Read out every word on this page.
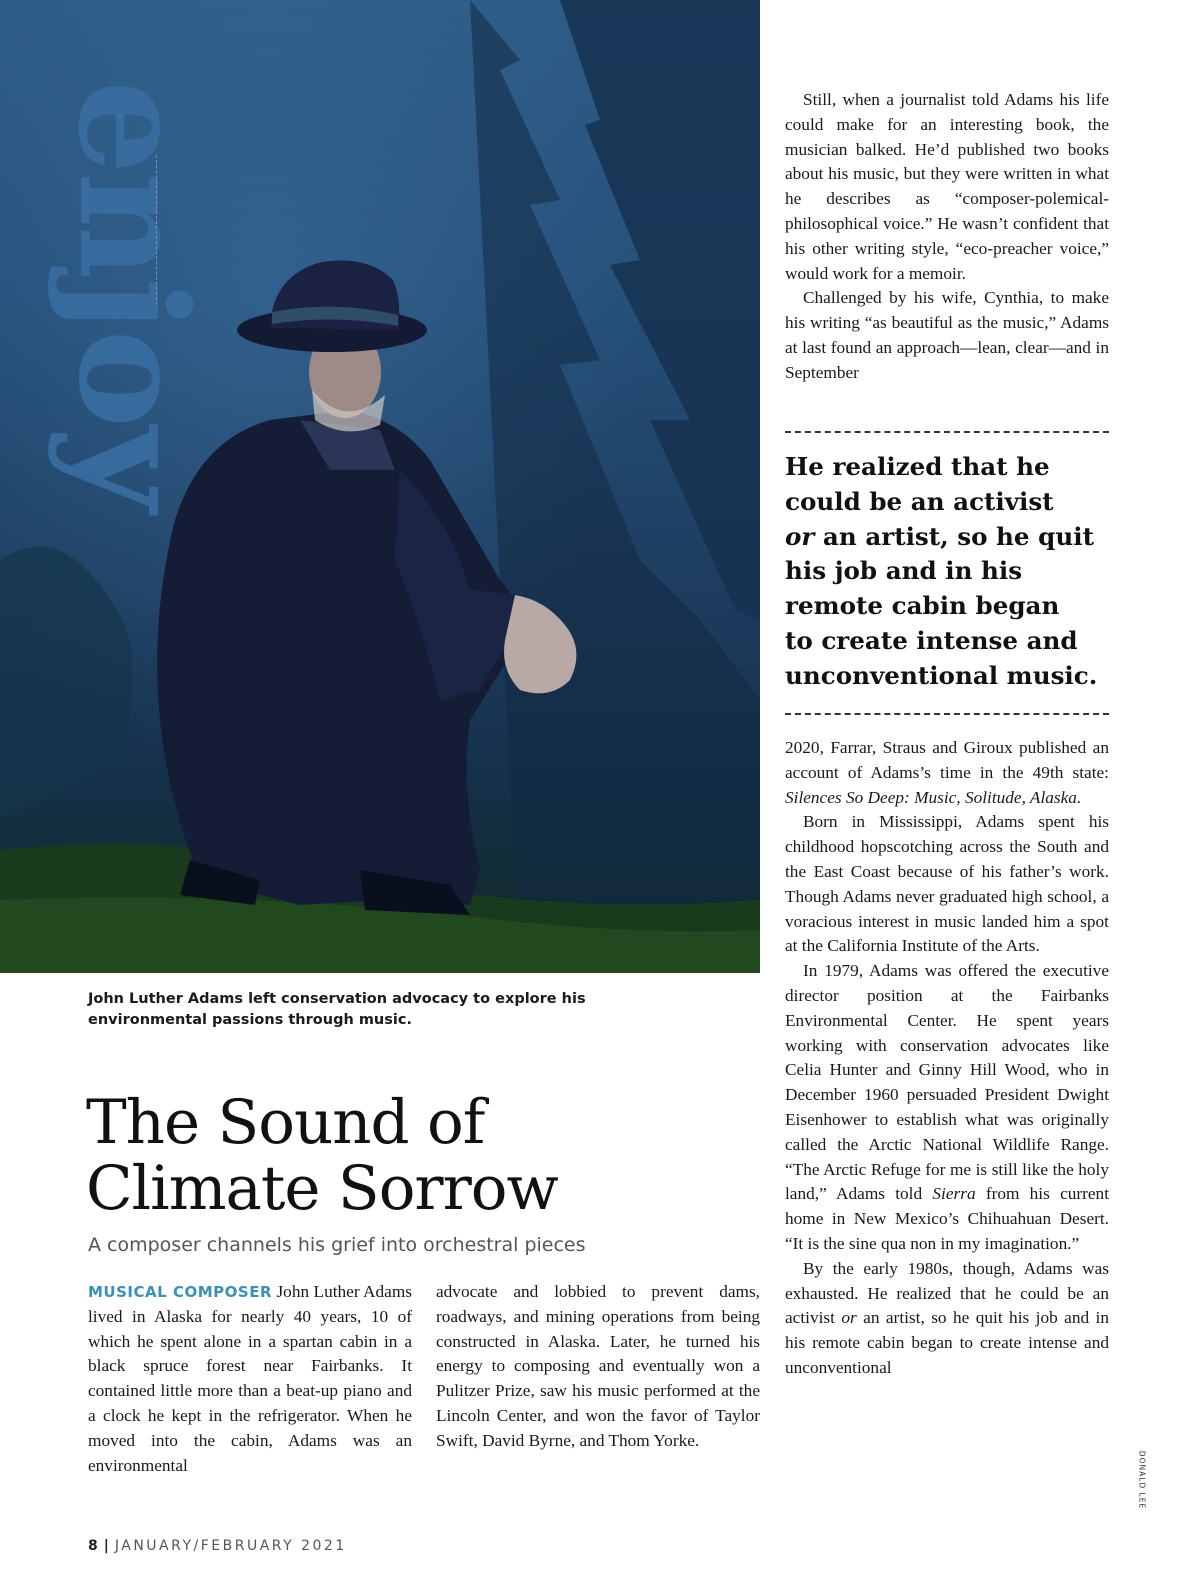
enjoy
John Luther Adams left conservation advocacy to explore his environmental passions through music.
The Sound of
Climate Sorrow
A composer channels his grief into orchestral pieces

MUSICAL COMPOSER John Luther Adams lived in Alaska for nearly 40 years, 10 of which he spent alone in a spartan cabin in a black spruce forest near Fairbanks. It contained little more than a beat-up piano and a clock he kept in the refrigerator. When he moved into the cabin, Adams was an environmental

advocate and lobbied to prevent dams, roadways, and mining operations from being constructed in Alaska. Later, he turned his energy to composing and eventually won a Pulitzer Prize, saw his music performed at the Lincoln Center, and won the favor of Taylor Swift, David Byrne, and Thom Yorke.

Still, when a journalist told Adams his life could make for an interesting book, the musician balked. He’d published two books about his music, but they were written in what he describes as “composer-polemical-philosophical voice.” He wasn’t confident that his other writing style, “eco-preacher voice,” would work for a memoir.

Challenged by his wife, Cynthia, to make his writing “as beautiful as the music,” Adams at last found an approach—lean, clear—and in September

He realized that he
could be an activist
or an artist, so he quit
his job and in his
remote cabin began
to create intense and
unconventional music.

2020, Farrar, Straus and Giroux published an account of Adams’s time in the 49th state: Silences So Deep: Music, Solitude, Alaska.

Born in Mississippi, Adams spent his childhood hopscotching across the South and the East Coast because of his father’s work. Though Adams never graduated high school, a voracious interest in music landed him a spot at the California Institute of the Arts.

In 1979, Adams was offered the executive director position at the Fairbanks Environmental Center. He spent years working with conservation advocates like Celia Hunter and Ginny Hill Wood, who in December 1960 persuaded President Dwight Eisenhower to establish what was originally called the Arctic National Wildlife Range. “The Arctic Refuge for me is still like the holy land,” Adams told Sierra from his current home in New Mexico’s Chihuahuan Desert. “It is the sine qua non in my imagination.”

By the early 1980s, though, Adams was exhausted. He realized that he could be an activist or an artist, so he quit his job and in his remote cabin began to create intense and unconventional

DONALD LEE
8 | JANUARY/FEBRUARY 2021
